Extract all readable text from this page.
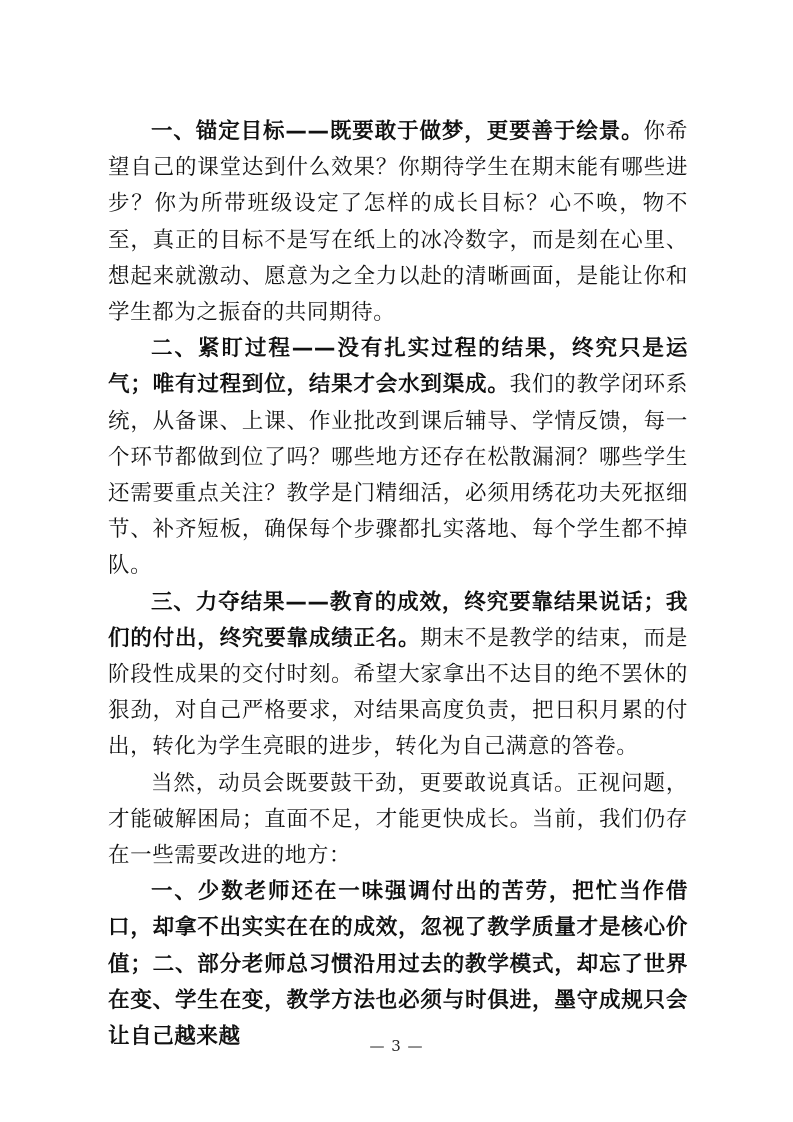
一、锚定目标——既要敢于做梦，更要善于绘景。你希望自己的课堂达到什么效果？你期待学生在期末能有哪些进步？你为所带班级设定了怎样的成长目标？心不唤，物不至，真正的目标不是写在纸上的冰冷数字，而是刻在心里、想起来就激动、愿意为之全力以赴的清晰画面，是能让你和学生都为之振奋的共同期待。

二、紧盯过程——没有扎实过程的结果，终究只是运气；唯有过程到位，结果才会水到渠成。我们的教学闭环系统，从备课、上课、作业批改到课后辅导、学情反馈，每一个环节都做到位了吗？哪些地方还存在松散漏洞？哪些学生还需要重点关注？教学是门精细活，必须用绣花功夫死抠细节、补齐短板，确保每个步骤都扎实落地、每个学生都不掉队。

三、力夺结果——教育的成效，终究要靠结果说话；我们的付出，终究要靠成绩正名。期末不是教学的结束，而是阶段性成果的交付时刻。希望大家拿出不达目的绝不罢休的狠劲，对自己严格要求，对结果高度负责，把日积月累的付出，转化为学生亮眼的进步，转化为自己满意的答卷。

当然，动员会既要鼓干劲，更要敢说真话。正视问题，才能破解困局；直面不足，才能更快成长。当前，我们仍存在一些需要改进的地方：

一、少数老师还在一味强调付出的苦劳，把忙当作借口，却拿不出实实在在的成效，忽视了教学质量才是核心价值；二、部分老师总习惯沿用过去的教学模式，却忘了世界在变、学生在变，教学方法也必须与时俱进，墨守成规只会让自己越来越	— 3 —
